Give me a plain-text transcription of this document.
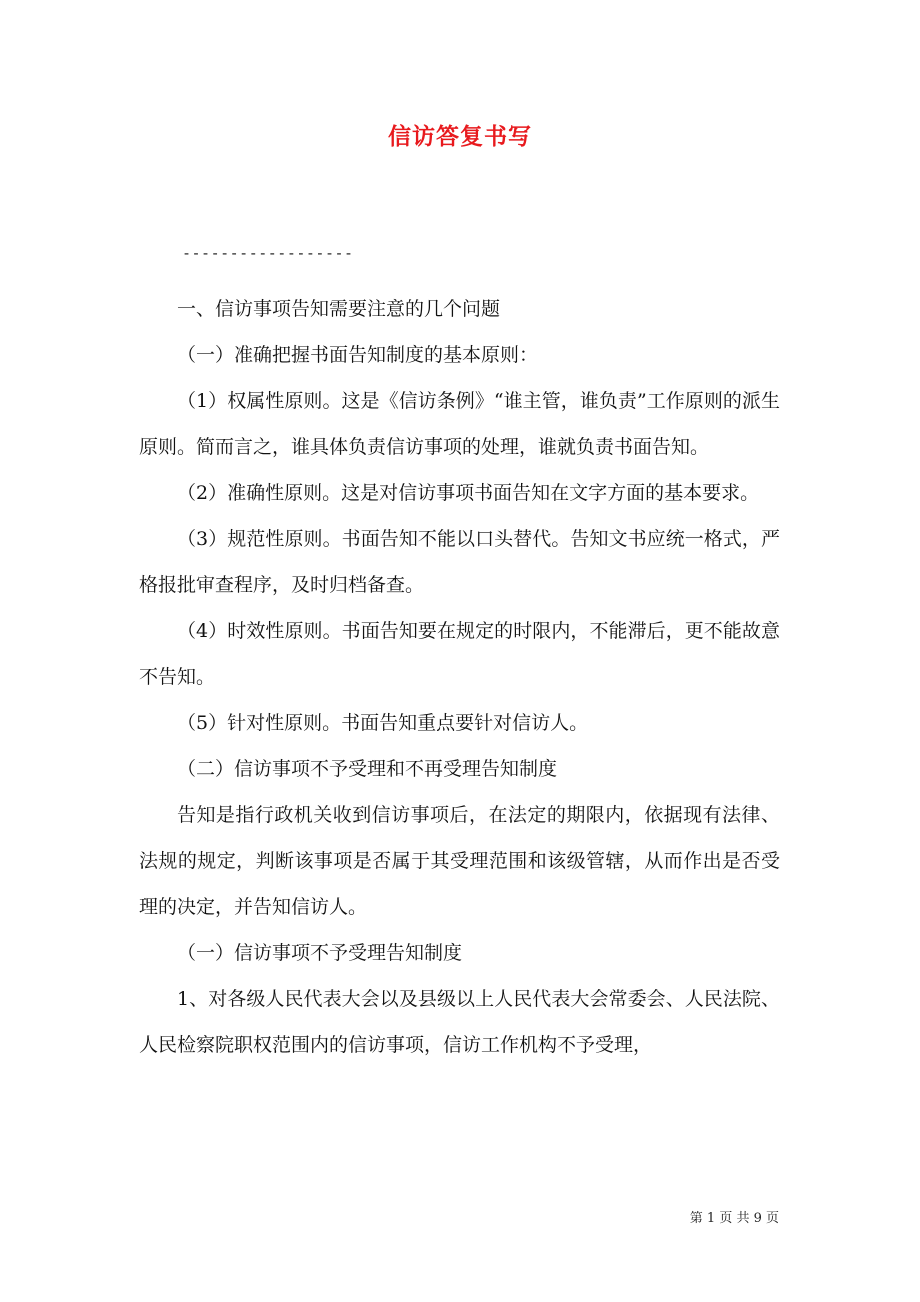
信访答复书写
------------------

一、信访事项告知需要注意的几个问题

（一）准确把握书面告知制度的基本原则：

（1）权属性原则。这是《信访条例》“谁主管，谁负责”工作原则的派生原则。简而言之，谁具体负责信访事项的处理，谁就负责书面告知。

（2）准确性原则。这是对信访事项书面告知在文字方面的基本要求。

（3）规范性原则。书面告知不能以口头替代。告知文书应统一格式，严格报批审查程序，及时归档备查。

（4）时效性原则。书面告知要在规定的时限内，不能滞后，更不能故意不告知。

（5）针对性原则。书面告知重点要针对信访人。

（二）信访事项不予受理和不再受理告知制度

告知是指行政机关收到信访事项后，在法定的期限内，依据现有法律、法规的规定，判断该事项是否属于其受理范围和该级管辖，从而作出是否受理的决定，并告知信访人。

（一）信访事项不予受理告知制度

1、对各级人民代表大会以及县级以上人民代表大会常委会、人民法院、人民检察院职权范围内的信访事项，信访工作机构不予受理，

第 1 页 共 9 页
